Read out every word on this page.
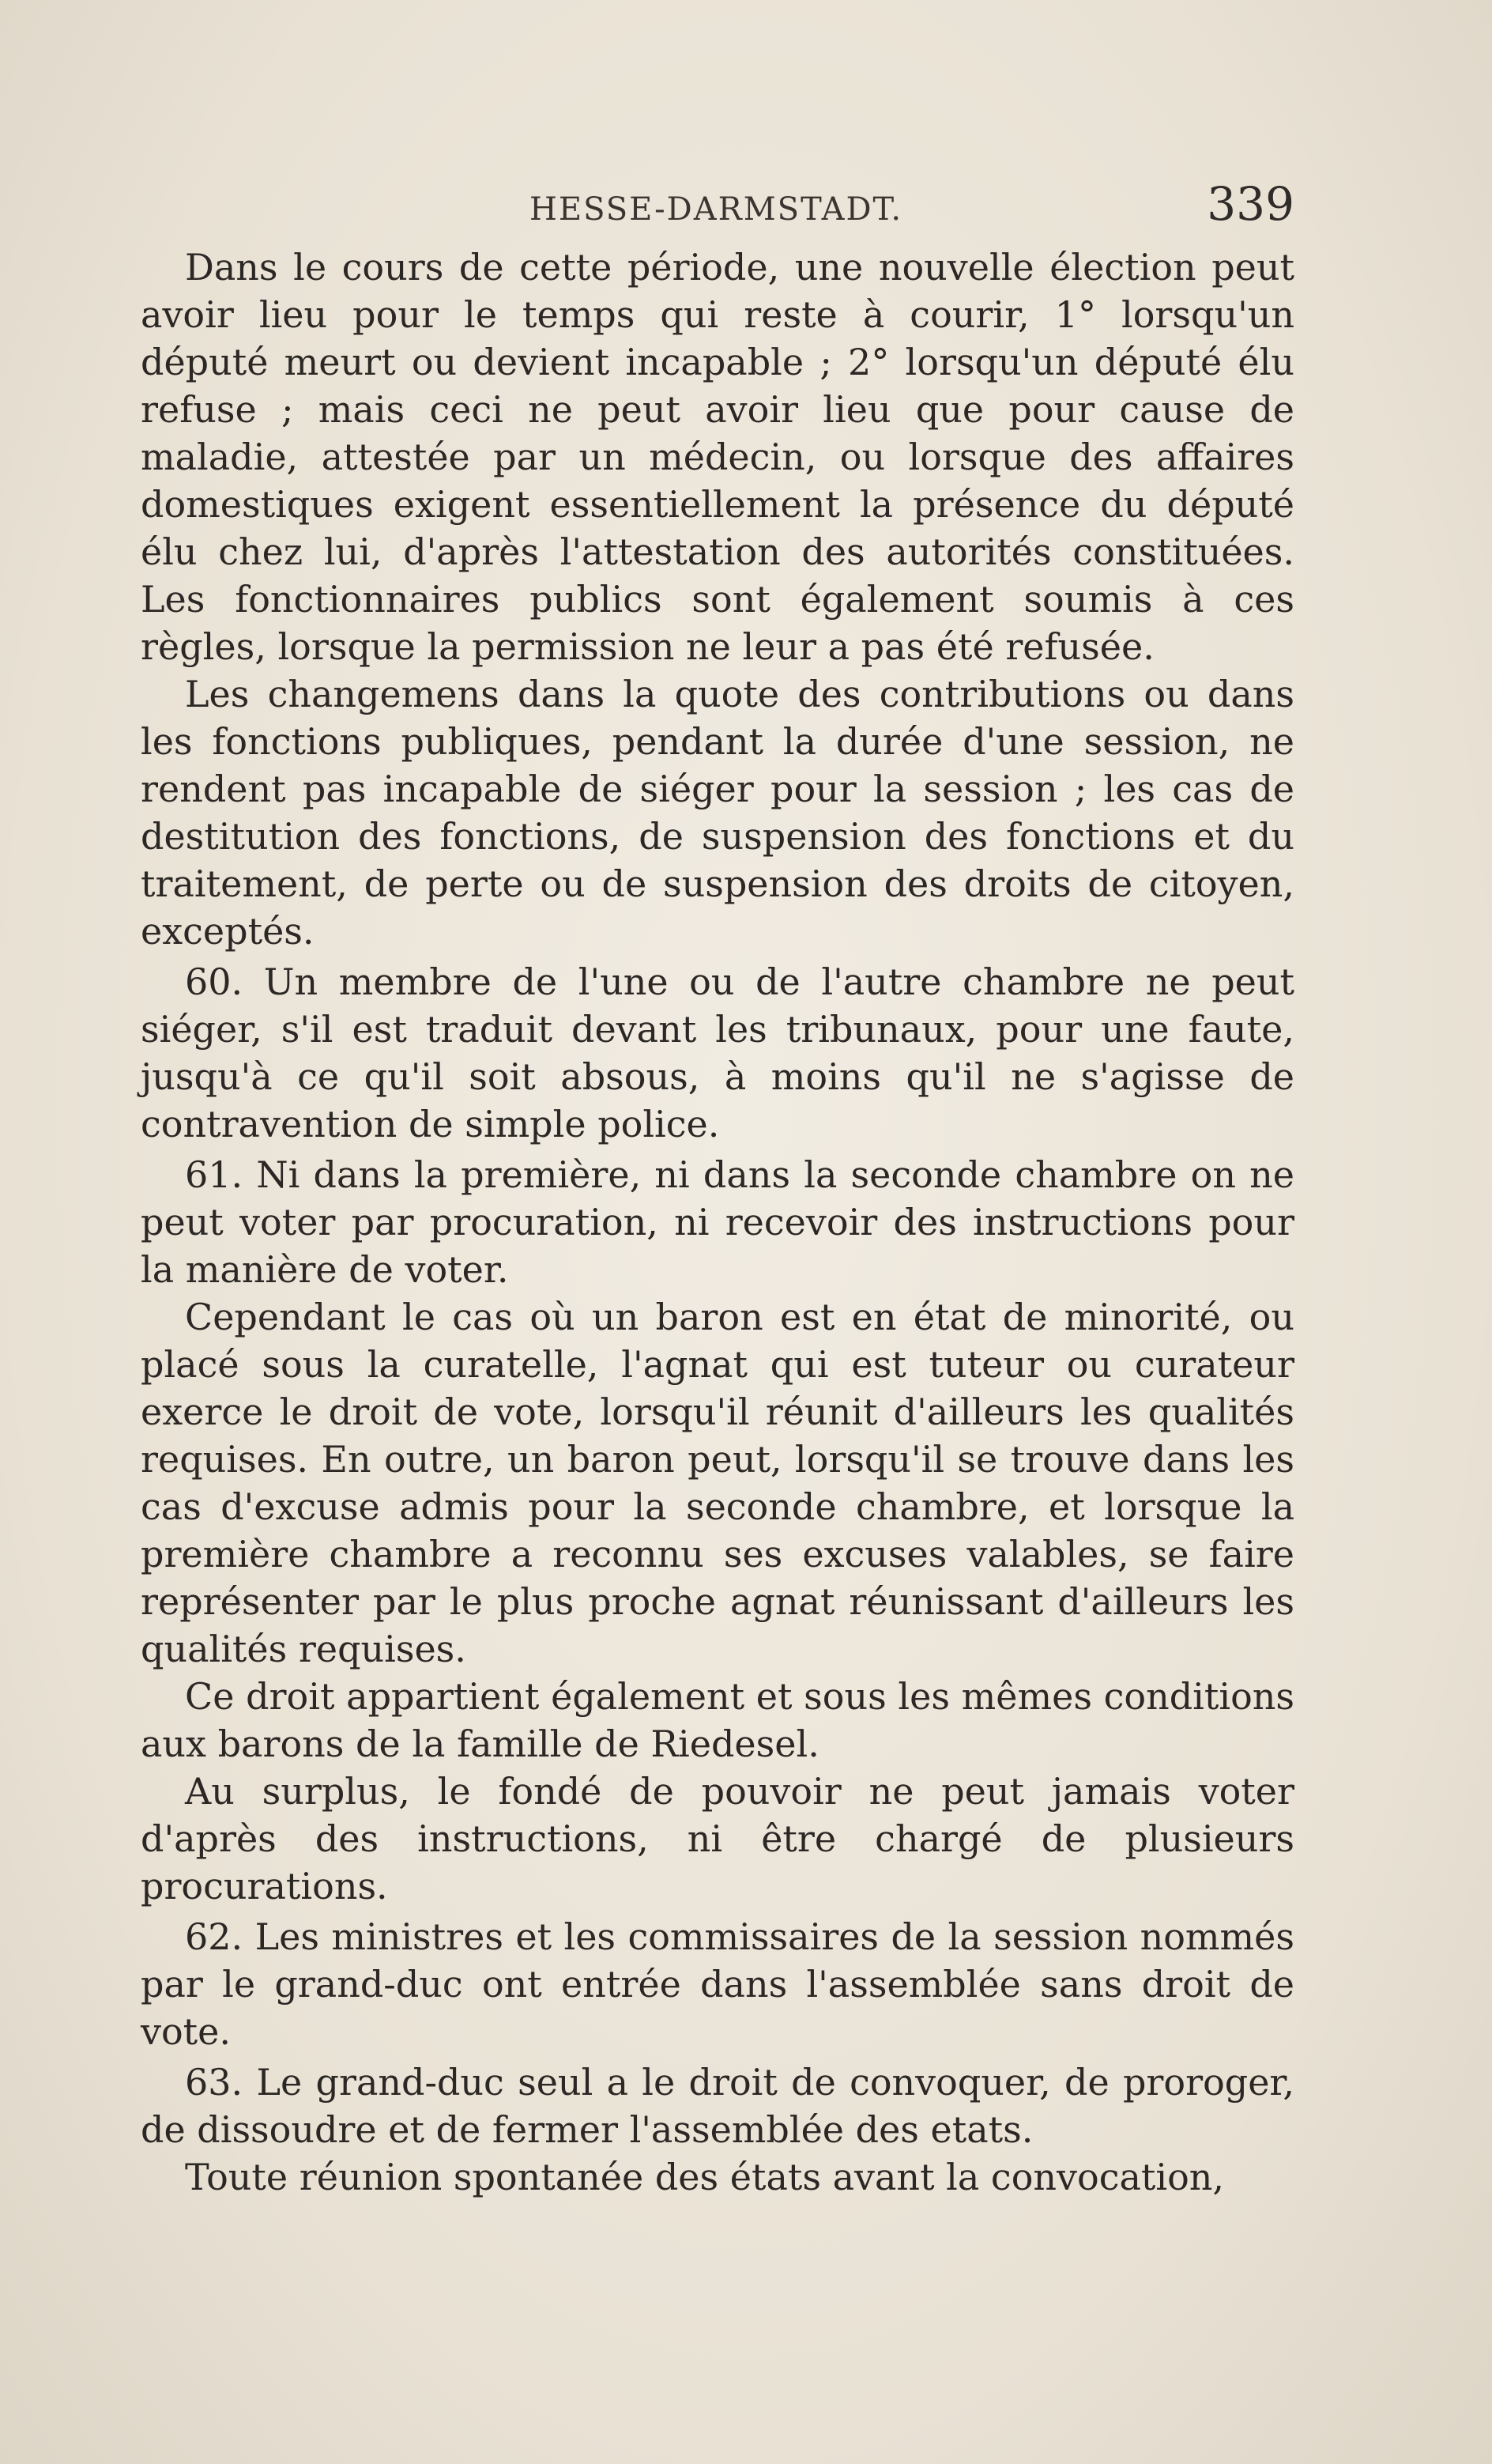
HESSE-DARMSTADT.	339

Dans le cours de cette période, une nouvelle élection peut avoir lieu pour le temps qui reste à courir, 1° lorsqu'un député meurt ou devient incapable ; 2° lorsqu'un député élu refuse ; mais ceci ne peut avoir lieu que pour cause de maladie, attestée par un médecin, ou lorsque des affaires domestiques exigent essentiellement la présence du député élu chez lui, d'après l'attestation des autorités constituées. Les fonctionnaires publics sont également soumis à ces règles, lorsque la permission ne leur a pas été refusée.

Les changemens dans la quote des contributions ou dans les fonctions publiques, pendant la durée d'une session, ne rendent pas incapable de siéger pour la session ; les cas de destitution des fonctions, de suspension des fonctions et du traitement, de perte ou de suspension des droits de citoyen, exceptés.

60. Un membre de l'une ou de l'autre chambre ne peut siéger, s'il est traduit devant les tribunaux, pour une faute, jusqu'à ce qu'il soit absous, à moins qu'il ne s'agisse de contravention de simple police.

61. Ni dans la première, ni dans la seconde chambre on ne peut voter par procuration, ni recevoir des instructions pour la manière de voter.

Cependant le cas où un baron est en état de minorité, ou placé sous la curatelle, l'agnat qui est tuteur ou curateur exerce le droit de vote, lorsqu'il réunit d'ailleurs les qualités requises. En outre, un baron peut, lorsqu'il se trouve dans les cas d'excuse admis pour la seconde chambre, et lorsque la première chambre a reconnu ses excuses valables, se faire représenter par le plus proche agnat réunissant d'ailleurs les qualités requises.

Ce droit appartient également et sous les mêmes conditions aux barons de la famille de Riedesel.

Au surplus, le fondé de pouvoir ne peut jamais voter d'après des instructions, ni être chargé de plusieurs procurations.

62. Les ministres et les commissaires de la session nommés par le grand-duc ont entrée dans l'assemblée sans droit de vote.

63. Le grand-duc seul a le droit de convoquer, de proroger, de dissoudre et de fermer l'assemblée des etats.

Toute réunion spontanée des états avant la convocation,
